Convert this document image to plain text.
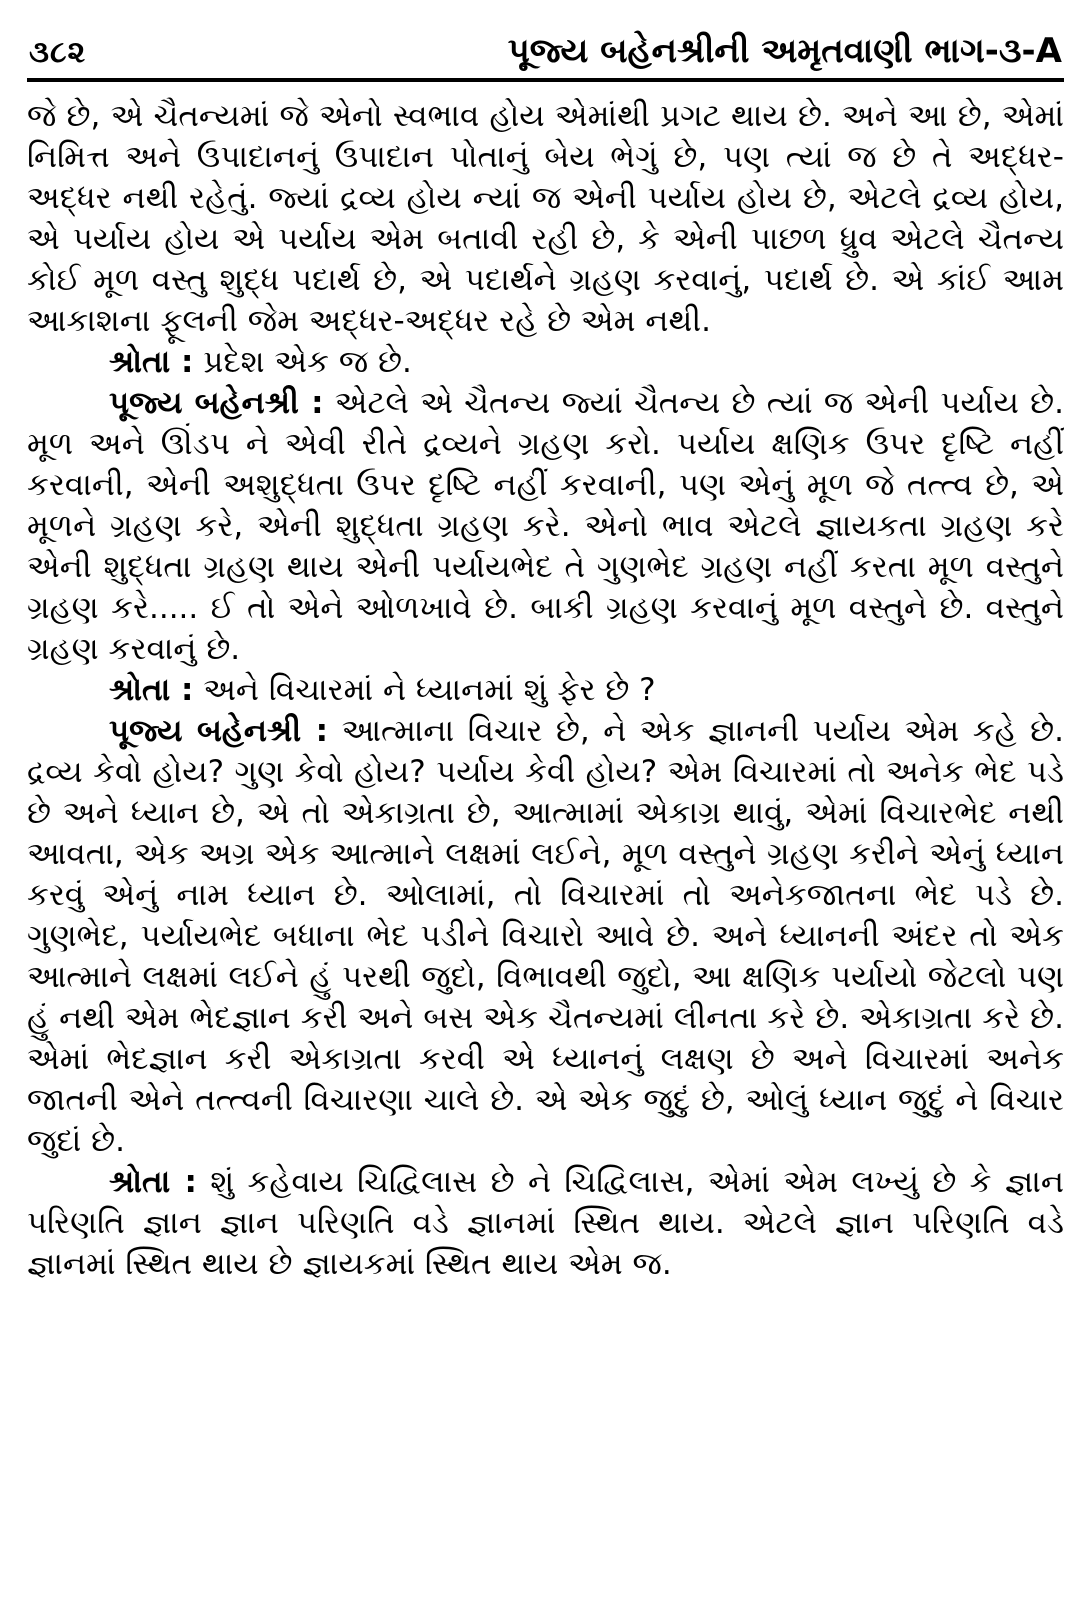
૩૮૨	પૂજ્ય બહેનશ્રીની અમૃતવાણી ભાગ-૩-A

જે છે, એ ચૈતન્યમાં જે એનો સ્વભાવ હોય એમાંથી પ્રગટ થાય છે. અને આ છે, એમાં નિમિત્ત અને ઉપાદાનનું ઉપાદાન પોતાનું બેય ભેગું છે, પણ ત્યાં જ છે તે અદ્ધર-અદ્ધર નથી રહેતું. જ્યાં દ્રવ્ય હોય ન્યાં જ એની પર્યાય હોય છે, એટલે દ્રવ્ય હોય, એ પર્યાય હોય એ પર્યાય એમ બતાવી રહી છે, કે એની પાછળ ધ્રુવ એટલે ચૈતન્ય કોઈ મૂળ વસ્તુ શુદ્ધ પદાર્થ છે, એ પદાર્થને ગ્રહણ કરવાનું, પદાર્થ છે. એ કાંઈ આમ આકાશના ફૂલની જેમ અદ્ધર-અદ્ધર રહે છે એમ નથી.

શ્રોતા : પ્રદેશ એક જ છે.

પૂજ્ય બહેનશ્રી : એટલે એ ચૈતન્ય જ્યાં ચૈતન્ય છે ત્યાં જ એની પર્યાય છે. મૂળ અને ઊંડપ ને એવી રીતે દ્રવ્યને ગ્રહણ કરો. પર્યાય ક્ષણિક ઉપર દૃષ્ટિ નહીં કરવાની, એની અશુદ્ધતા ઉપર દૃષ્ટિ નહીં કરવાની, પણ એનું મૂળ જે તત્ત્વ છે, એ મૂળને ગ્રહણ કરે, એની શુદ્ધતા ગ્રહણ કરે. એનો ભાવ એટલે જ્ઞાયકતા ગ્રહણ કરે એની શુદ્ધતા ગ્રહણ થાય એની પર્યાયભેદ તે ગુણભેદ ગ્રહણ નહીં કરતા મૂળ વસ્તુને ગ્રહણ કરે..... ઈ તો એને ઓળખાવે છે. બાકી ગ્રહણ કરવાનું મૂળ વસ્તુને છે. વસ્તુને ગ્રહણ કરવાનું છે.

શ્રોતા : અને વિચારમાં ને ધ્યાનમાં શું ફેર છે ?

પૂજ્ય બહેનશ્રી : આત્માના વિચાર છે, ને એક જ્ઞાનની પર્યાય એમ કહે છે. દ્રવ્ય કેવો હોય? ગુણ કેવો હોય? પર્યાય કેવી હોય? એમ વિચારમાં તો અનેક ભેદ પડે છે અને ધ્યાન છે, એ તો એકાગ્રતા છે, આત્મામાં એકાગ્ર થાવું, એમાં વિચારભેદ નથી આવતા, એક અગ્ર એક આત્માને લક્ષમાં લઈને, મૂળ વસ્તુને ગ્રહણ કરીને એનું ધ્યાન કરવું એનું નામ ધ્યાન છે. ઓલામાં, તો વિચારમાં તો અનેકજાતના ભેદ પડે છે. ગુણભેદ, પર્યાયભેદ બધાના ભેદ પડીને વિચારો આવે છે. અને ધ્યાનની અંદર તો એક આત્માને લક્ષમાં લઈને હું પરથી જુદો, વિભાવથી જુદો, આ ક્ષણિક પર્યાયો જેટલો પણ હું નથી એમ ભેદજ્ઞાન કરી અને બસ એક ચૈતન્યમાં લીનતા કરે છે. એકાગ્રતા કરે છે. એમાં ભેદજ્ઞાન કરી એકાગ્રતા કરવી એ ધ્યાનનું લક્ષણ છે અને વિચારમાં અનેક જાતની એને તત્ત્વની વિચારણા ચાલે છે. એ એક જુદું છે, ઓલું ધ્યાન જુદું ને વિચાર જુદાં છે.

શ્રોતા : શું કહેવાય ચિદ્વિલાસ છે ને ચિદ્વિલાસ, એમાં એમ લખ્યું છે કે જ્ઞાન પરિણતિ જ્ઞાન જ્ઞાન પરિણતિ વડે જ્ઞાનમાં સ્થિત થાય. એટલે જ્ઞાન પરિણતિ વડે જ્ઞાનમાં સ્થિત થાય છે જ્ઞાયકમાં સ્થિત થાય એમ જ.
